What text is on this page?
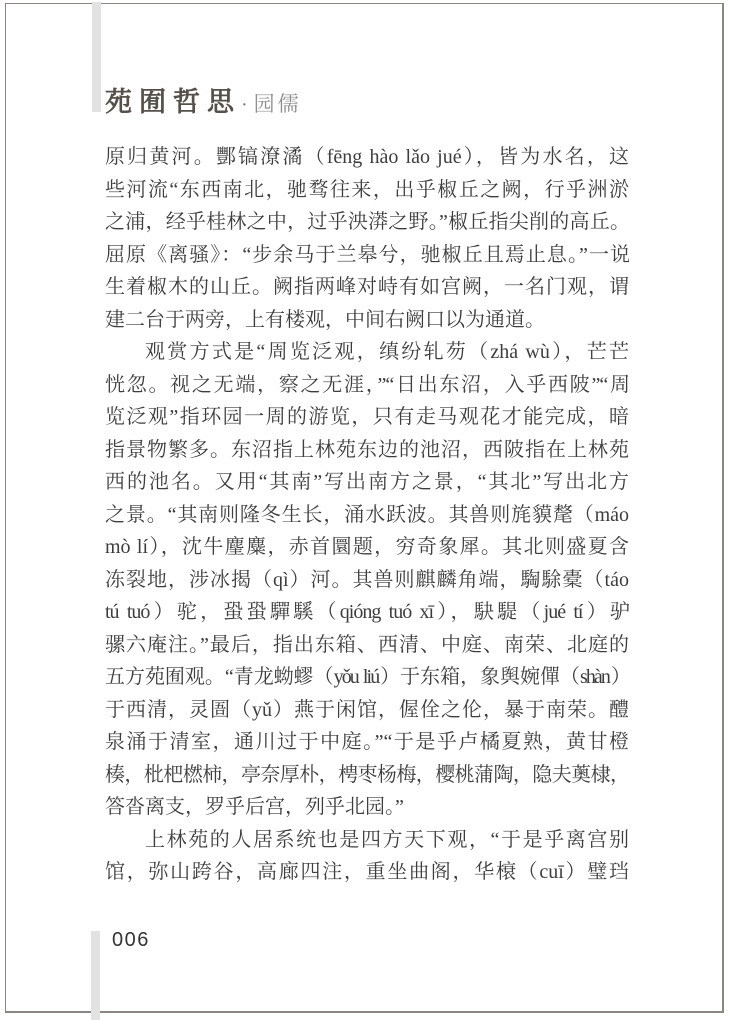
苑囿哲思 · 园儒
原归黄河。酆镐潦潏（fēng hào lǎo jué），皆为水名，这
些河流“东西南北，驰骛往来，出乎椒丘之阙，行乎洲淤
之浦，经乎桂林之中，过乎泱漭之野。”椒丘指尖削的高丘。
屈原《离骚》：“步余马于兰皋兮，驰椒丘且焉止息。”一说
生着椒木的山丘。阙指两峰对峙有如宫阙，一名门观，谓
建二台于两旁，上有楼观，中间右阙口以为通道。
观赏方式是“周览泛观，缜纷轧芴（zhá wù），芒芒
恍忽。视之无端，察之无涯，”“日出东沼，入乎西陂”“周
览泛观”指环园一周的游览，只有走马观花才能完成，暗
指景物繁多。东沼指上林苑东边的池沼，西陂指在上林苑
西的池名。又用“其南”写出南方之景，“其北”写出北方
之景。“其南则隆冬生长，涌水跃波。其兽则旄貘氂（máo
mò lí），沈牛麈麋，赤首圜题，穷奇象犀。其北则盛夏含
冻裂地，涉冰揭（qì）河。其兽则麒麟角端，騊駼橐（táo
tú tuó）驼，蛩蛩驒騱（qióng tuó xī），駃騠（jué tí）驴
骡六庵注。”最后，指出东箱、西清、中庭、南荣、北庭的
五方苑囿观。“青龙蚴蟉（yǒu liú）于东箱，象舆婉僤（shàn）
于西清，灵圄（yǔ）燕于闲馆，偓佺之伦，暴于南荣。醴
泉涌于清室，通川过于中庭。”“于是乎卢橘夏熟，黄甘橙
楱，枇杷橪柿，亭奈厚朴，梬枣杨梅，樱桃蒲陶，隐夫薁棣，
答沓离支，罗乎后宫，列乎北园。”
上林苑的人居系统也是四方天下观，“于是乎离宫别
馆，弥山跨谷，高廊四注，重坐曲阁，华榱（cuī）璧珰
006
